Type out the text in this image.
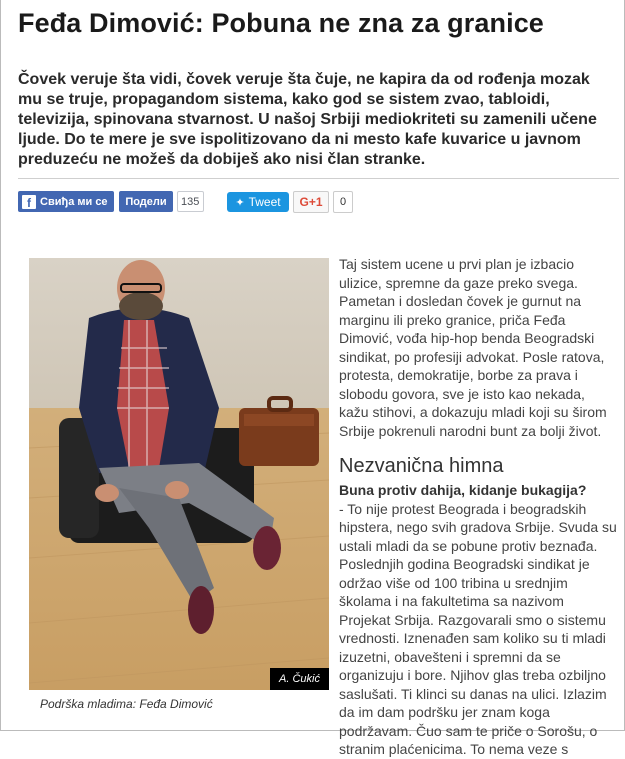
Feđa Dimović: Pobuna ne zna za granice

Čovek veruje šta vidi, čovek veruje šta čuje, ne kapira da od rođenja mozak mu se truje, propagandom sistema, kako god se sistem zvao, tabloidi, televizija, spinovana stvarnost. U našoj Srbiji mediokriteti su zamenili učene ljude. Do te mere je sve ispolitizovano da ni mesto kafe kuvarice u javnom preduzeću ne možeš da dobiješ ako nisi član stranke.

f Свиђа ми се	Подели	135	✦ Tweet	G+1	0
A. Čukić
Podrška mladima: Feđa Dimović

Taj sistem ucene u prvi plan je izbacio ulizice, spremne da gaze preko svega. Pametan i dosledan čovek je gurnut na marginu ili preko granice, priča Feđa Dimović, vođa hip-hop benda Beogradski sindikat, po profesiji advokat. Posle ratova, protesta, demokratije, borbe za prava i slobodu govora, sve je isto kao nekada, kažu stihovi, a dokazuju mladi koji su širom Srbije pokrenuli narodni bunt za bolji život.

Nezvanična himna

Buna protiv dahija, kidanje bukagija?

- To nije protest Beograda i beogradskih hipstera, nego svih gradova Srbije. Svuda su ustali mladi da se pobune protiv beznađa. Poslednjih godina Beogradski sindikat je održao više od 100 tribina u srednjim školama i na fakultetima sa nazivom Projekat Srbija. Razgovarali smo o sistemu vrednosti. Iznenađen sam koliko su ti mladi izuzetni, obavešteni i spremni da se organizuju i bore. Njihov glas treba ozbiljno saslušati. Ti klinci su danas na ulici. Izlazim da im dam podršku jer znam koga podržavam. Čuo sam te priče o Sorošu, o stranim plaćenicima. To nema veze s
